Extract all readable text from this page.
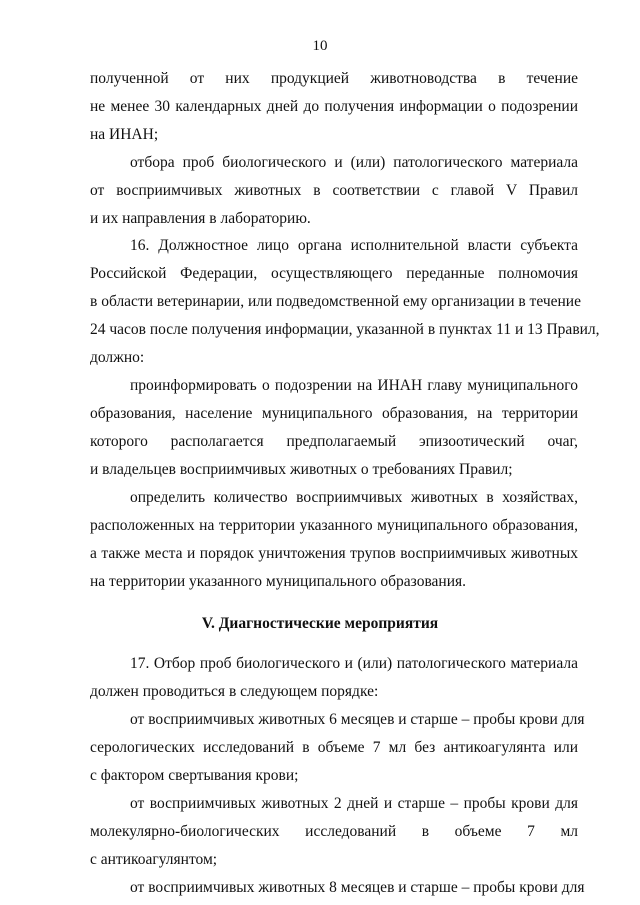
10
полученной от них продукцией животноводства в течение
не менее 30 календарных дней до получения информации о подозрении
на ИНАН;
отбора проб биологического и (или) патологического материала
от восприимчивых животных в соответствии с главой V Правил
и их направления в лабораторию.
16. Должностное лицо органа исполнительной власти субъекта
Российской Федерации, осуществляющего переданные полномочия
в области ветеринарии, или подведомственной ему организации в течение
24 часов после получения информации, указанной в пунктах 11 и 13 Правил,
должно:
проинформировать о подозрении на ИНАН главу муниципального
образования, население муниципального образования, на территории
которого располагается предполагаемый эпизоотический очаг,
и владельцев восприимчивых животных о требованиях Правил;
определить количество восприимчивых животных в хозяйствах,
расположенных на территории указанного муниципального образования,
а также места и порядок уничтожения трупов восприимчивых животных
на территории указанного муниципального образования.
V. Диагностические мероприятия
17. Отбор проб биологического и (или) патологического материала
должен проводиться в следующем порядке:
от восприимчивых животных 6 месяцев и старше – пробы крови для
серологических исследований в объеме 7 мл без антикоагулянта или
с фактором свертывания крови;
от восприимчивых животных 2 дней и старше – пробы крови для
молекулярно-биологических исследований в объеме 7 мл
с антикоагулянтом;
от восприимчивых животных 8 месяцев и старше – пробы крови для
